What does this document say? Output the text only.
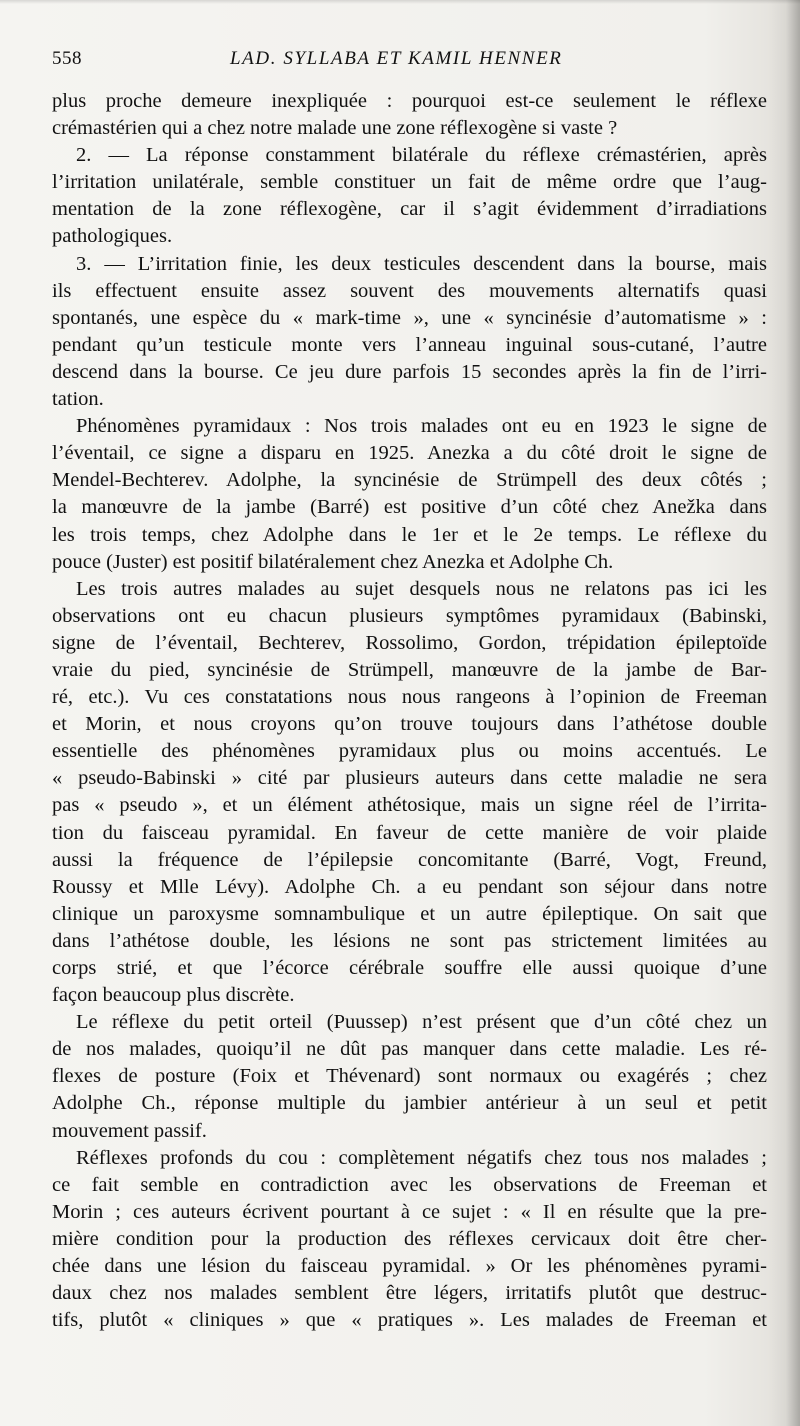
558	LAD. SYLLABA ET KAMIL HENNER
plus proche demeure inexpliquée : pourquoi est-ce seulement le réflexe
crémastérien qui a chez notre malade une zone réflexogène si vaste ?
2. — La réponse constamment bilatérale du réflexe crémastérien, après
l’irritation unilatérale, semble constituer un fait de même ordre que l’aug-
mentation de la zone réflexogène, car il s’agit évidemment d’irradiations
pathologiques.
3. — L’irritation finie, les deux testicules descendent dans la bourse, mais
ils effectuent ensuite assez souvent des mouvements alternatifs quasi
spontanés, une espèce du « mark-time », une « syncinésie d’automatisme » :
pendant qu’un testicule monte vers l’anneau inguinal sous-cutané, l’autre
descend dans la bourse. Ce jeu dure parfois 15 secondes après la fin de l’irri-
tation.
Phénomènes pyramidaux : Nos trois malades ont eu en 1923 le signe de
l’éventail, ce signe a disparu en 1925. Anezka a du côté droit le signe de
Mendel-Bechterev. Adolphe, la syncinésie de Strümpell des deux côtés ;
la manœuvre de la jambe (Barré) est positive d’un côté chez Anežka dans
les trois temps, chez Adolphe dans le 1er et le 2e temps. Le réflexe du
pouce (Juster) est positif bilatéralement chez Anezka et Adolphe Ch.
Les trois autres malades au sujet desquels nous ne relatons pas ici les
observations ont eu chacun plusieurs symptômes pyramidaux (Babinski,
signe de l’éventail, Bechterev, Rossolimo, Gordon, trépidation épileptoïde
vraie du pied, syncinésie de Strümpell, manœuvre de la jambe de Bar-
ré, etc.). Vu ces constatations nous nous rangeons à l’opinion de Freeman
et Morin, et nous croyons qu’on trouve toujours dans l’athétose double
essentielle des phénomènes pyramidaux plus ou moins accentués. Le
« pseudo-Babinski » cité par plusieurs auteurs dans cette maladie ne sera
pas « pseudo », et un élément athétosique, mais un signe réel de l’irrita-
tion du faisceau pyramidal. En faveur de cette manière de voir plaide
aussi la fréquence de l’épilepsie concomitante (Barré, Vogt, Freund,
Roussy et Mlle Lévy). Adolphe Ch. a eu pendant son séjour dans notre
clinique un paroxysme somnambulique et un autre épileptique. On sait que
dans l’athétose double, les lésions ne sont pas strictement limitées au
corps strié, et que l’écorce cérébrale souffre elle aussi quoique d’une
façon beaucoup plus discrète.
Le réflexe du petit orteil (Puussep) n’est présent que d’un côté chez un
de nos malades, quoiqu’il ne dût pas manquer dans cette maladie. Les ré-
flexes de posture (Foix et Thévenard) sont normaux ou exagérés ; chez
Adolphe Ch., réponse multiple du jambier antérieur à un seul et petit
mouvement passif.
Réflexes profonds du cou : complètement négatifs chez tous nos malades ;
ce fait semble en contradiction avec les observations de Freeman et
Morin ; ces auteurs écrivent pourtant à ce sujet : « Il en résulte que la pre-
mière condition pour la production des réflexes cervicaux doit être cher-
chée dans une lésion du faisceau pyramidal. » Or les phénomènes pyrami-
daux chez nos malades semblent être légers, irritatifs plutôt que destruc-
tifs, plutôt « cliniques » que « pratiques ». Les malades de Freeman et
